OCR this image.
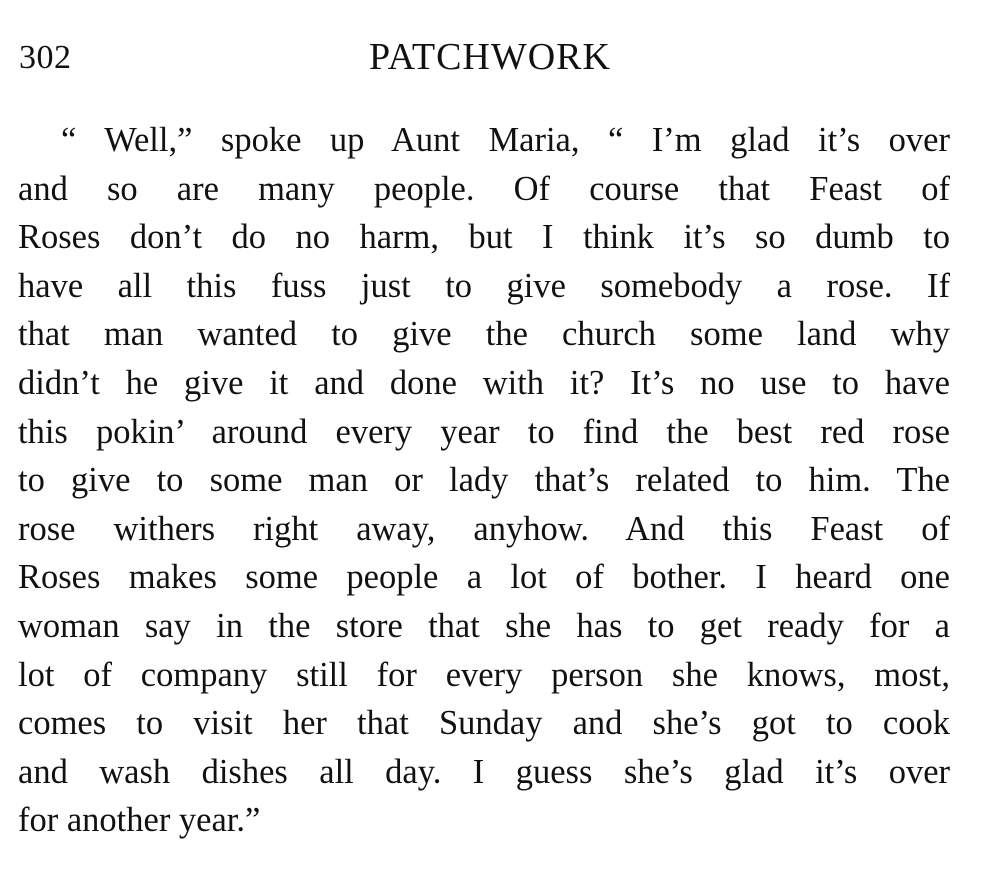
302	PATCHWORK
“ Well,” spoke up Aunt Maria, “ I’m glad it’s over
and so are many people. Of course that Feast of
Roses don’t do no harm, but I think it’s so dumb to
have all this fuss just to give somebody a rose. If
that man wanted to give the church some land why
didn’t he give it and done with it? It’s no use to have
this pokin’ around every year to find the best red rose
to give to some man or lady that’s related to him. The
rose withers right away, anyhow. And this Feast of
Roses makes some people a lot of bother. I heard one
woman say in the store that she has to get ready for a
lot of company still for every person she knows, most,
comes to visit her that Sunday and she’s got to cook
and wash dishes all day. I guess she’s glad it’s over
for another year.”
